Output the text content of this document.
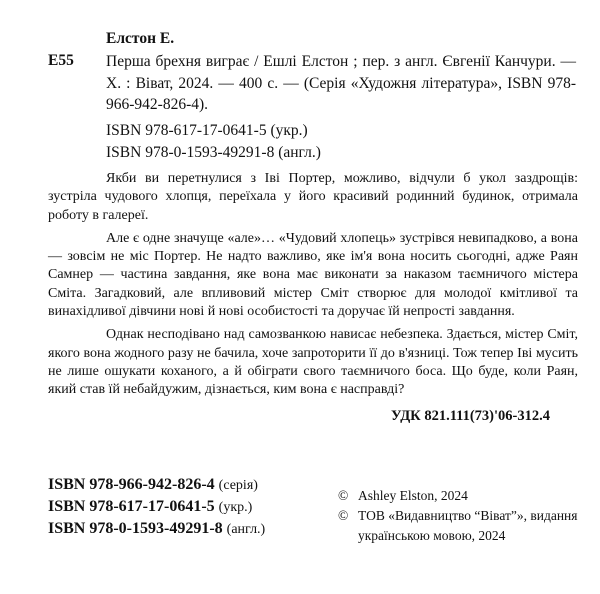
Елстон Е.
Е55 Перша брехня виграє / Ешлі Елстон ; пер. з англ. Євгенії Канчури. — Х. : Віват, 2024. — 400 с. — (Серія «Художня література», ISBN 978-966-942-826-4).
ISBN 978-617-17-0641-5 (укр.)
ISBN 978-0-1593-49291-8 (англ.)

Якби ви перетнулися з Іві Портер, можливо, відчули б укол заздрощів: зустріла чудового хлопця, переїхала у його красивий родинний будинок, отримала роботу в галереї.

Але є одне значуще «але»… «Чудовий хлопець» зустрівся невипадково, а вона — зовсім не міс Портер. Не надто важливо, яке ім'я вона носить сьогодні, адже Раян Самнер — частина завдання, яке вона має виконати за наказом таємничого містера Сміта. Загадковий, але впливовий містер Сміт створює для молодої кмітливої та винахідливої дівчини нові й нові особистості та доручає їй непрості завдання.

Однак несподівано над самозванкою нависає небезпека. Здається, містер Сміт, якого вона жодного разу не бачила, хоче запроторити її до в'язниці. Тож тепер Іві мусить не лише ошукати коханого, а й обіграти свого таємничого боса. Що буде, коли Раян, який став їй небайдужим, дізнається, ким вона є насправді?

УДК 821.111(73)'06-312.4
ISBN 978-966-942-826-4 (серія)
ISBN 978-617-17-0641-5 (укр.)
ISBN 978-0-1593-49291-8 (англ.)
© Ashley Elston, 2024
© ТОВ «Видавництво “Віват”», видання українською мовою, 2024
